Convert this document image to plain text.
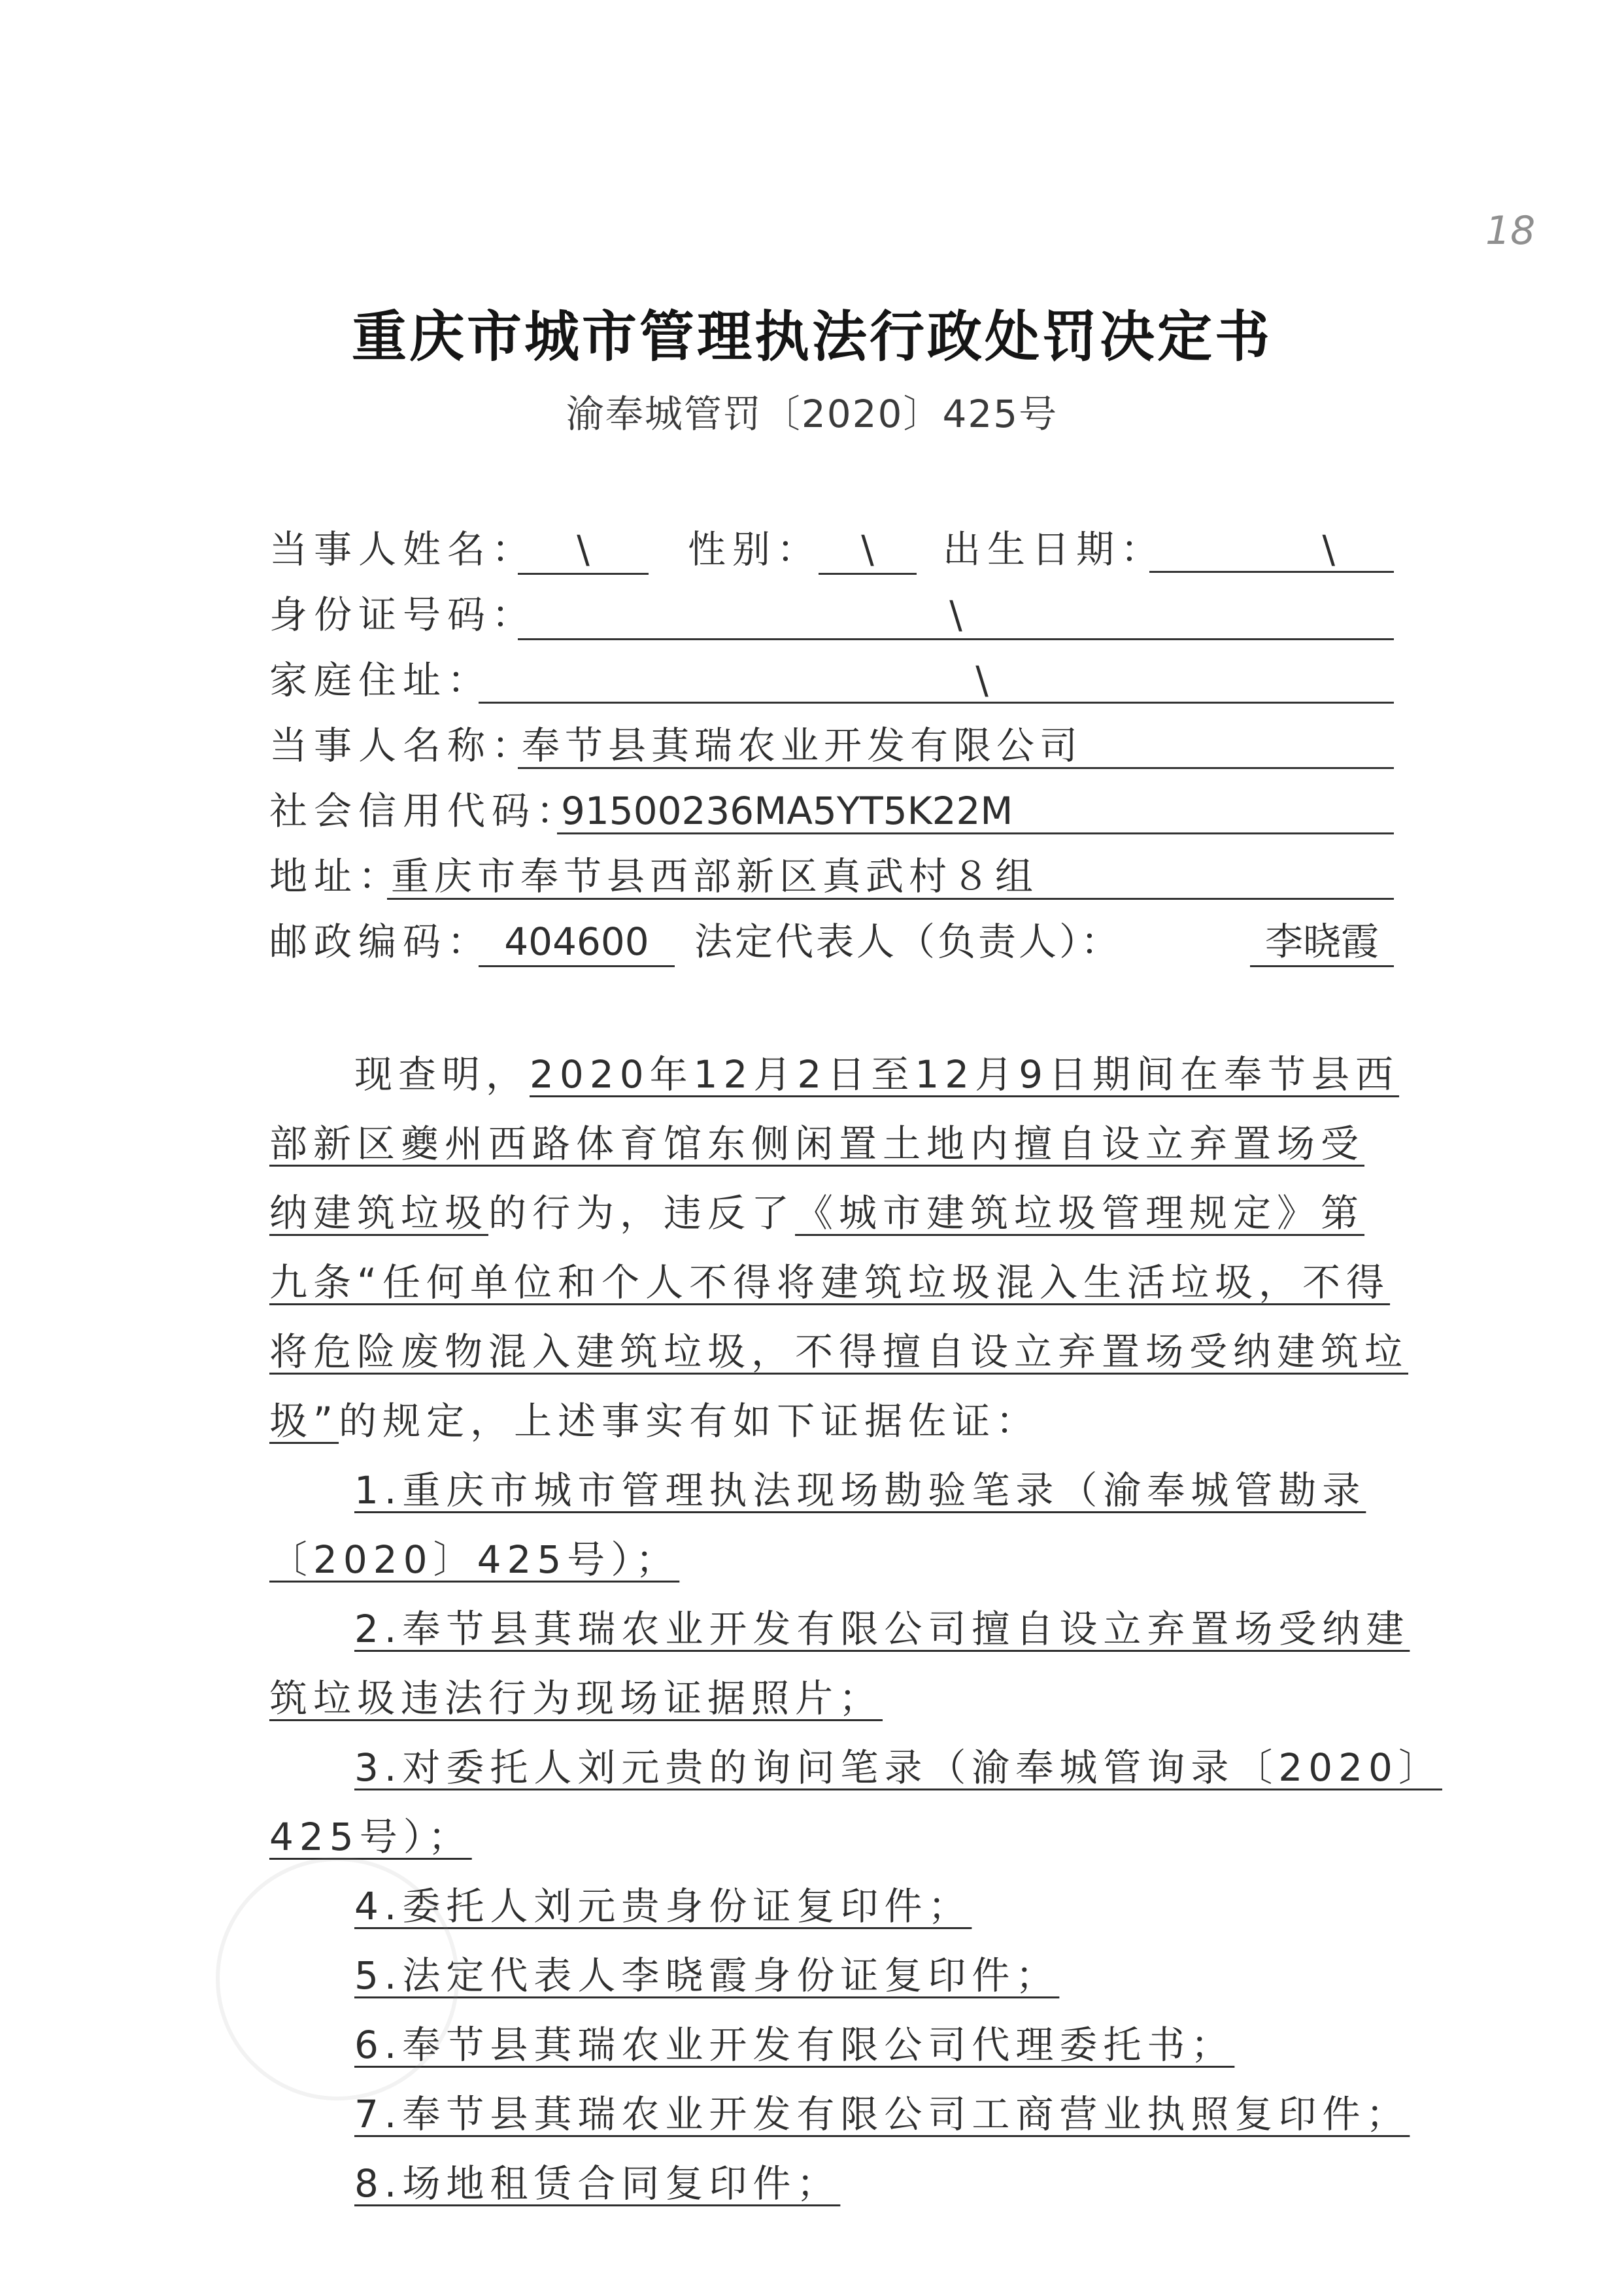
18
重庆市城市管理执法行政处罚决定书
渝奉城管罚〔2020〕425号
当事人姓名：	\	性别：	\	出生日期：	\
身份证号码：	\
家庭住址：	\
当事人名称：
奉节县萁瑞农业开发有限公司
社会信用代码：
91500236MA5YT5K22M
地址：
重庆市奉节县西部新区真武村８组
邮政编码： 404600	法定代表人（负责人）：	李晓霞
现查明，2020年12月2日至12月9日期间在奉节县西
部新区夔州西路体育馆东侧闲置土地内擅自设立弃置场受
纳建筑垃圾的行为，违反了《城市建筑垃圾管理规定》第
九条“任何单位和个人不得将建筑垃圾混入生活垃圾，不得
将危险废物混入建筑垃圾，不得擅自设立弃置场受纳建筑垃
圾”的规定，上述事实有如下证据佐证：
1.重庆市城市管理执法现场勘验笔录（渝奉城管勘录
〔2020〕425号）；
2.奉节县萁瑞农业开发有限公司擅自设立弃置场受纳建
筑垃圾违法行为现场证据照片；
3.对委托人刘元贵的询问笔录（渝奉城管询录〔2020〕
425号）；
4.委托人刘元贵身份证复印件；
5.法定代表人李晓霞身份证复印件；
6.奉节县萁瑞农业开发有限公司代理委托书；
7.奉节县萁瑞农业开发有限公司工商营业执照复印件；
8.场地租赁合同复印件；
